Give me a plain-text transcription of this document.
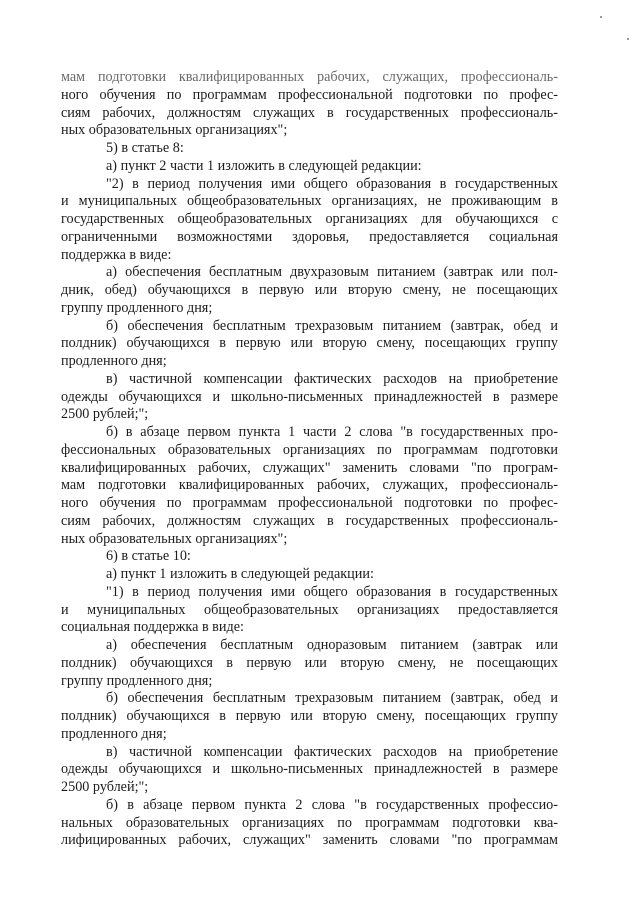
мам подготовки квалифицированных рабочих, служащих, профессиональ-
ного обучения по программам профессиональной подготовки по профес-
сиям рабочих, должностям служащих в государственных профессиональ-
ных образовательных организациях";
5) в статье 8:
а) пункт 2 части 1 изложить в следующей редакции:
"2) в период получения ими общего образования в государственных
и муниципальных общеобразовательных организациях, не проживающим в
государственных общеобразовательных организациях для обучающихся с
ограниченными возможностями здоровья, предоставляется социальная
поддержка в виде:
а) обеспечения бесплатным двухразовым питанием (завтрак или пол-
дник, обед) обучающихся в первую или вторую смену, не посещающих
группу продленного дня;
б) обеспечения бесплатным трехразовым питанием (завтрак, обед и
полдник) обучающихся в первую или вторую смену, посещающих группу
продленного дня;
в) частичной компенсации фактических расходов на приобретение
одежды обучающихся и школьно-письменных принадлежностей в размере
2500 рублей;";
б) в абзаце первом пункта 1 части 2 слова "в государственных про-
фессиональных образовательных организациях по программам подготовки
квалифицированных рабочих, служащих" заменить словами "по програм-
мам подготовки квалифицированных рабочих, служащих, профессиональ-
ного обучения по программам профессиональной подготовки по профес-
сиям рабочих, должностям служащих в государственных профессиональ-
ных образовательных организациях";
6) в статье 10:
а) пункт 1 изложить в следующей редакции:
"1) в период получения ими общего образования в государственных
и муниципальных общеобразовательных организациях предоставляется
социальная поддержка в виде:
а) обеспечения бесплатным одноразовым питанием (завтрак или
полдник) обучающихся в первую или вторую смену, не посещающих
группу продленного дня;
б) обеспечения бесплатным трехразовым питанием (завтрак, обед и
полдник) обучающихся в первую или вторую смену, посещающих группу
продленного дня;
в) частичной компенсации фактических расходов на приобретение
одежды обучающихся и школьно-письменных принадлежностей в размере
2500 рублей;";
б) в абзаце первом пункта 2 слова "в государственных профессио-
нальных образовательных организациях по программам подготовки ква-
лифицированных рабочих, служащих" заменить словами "по программам
